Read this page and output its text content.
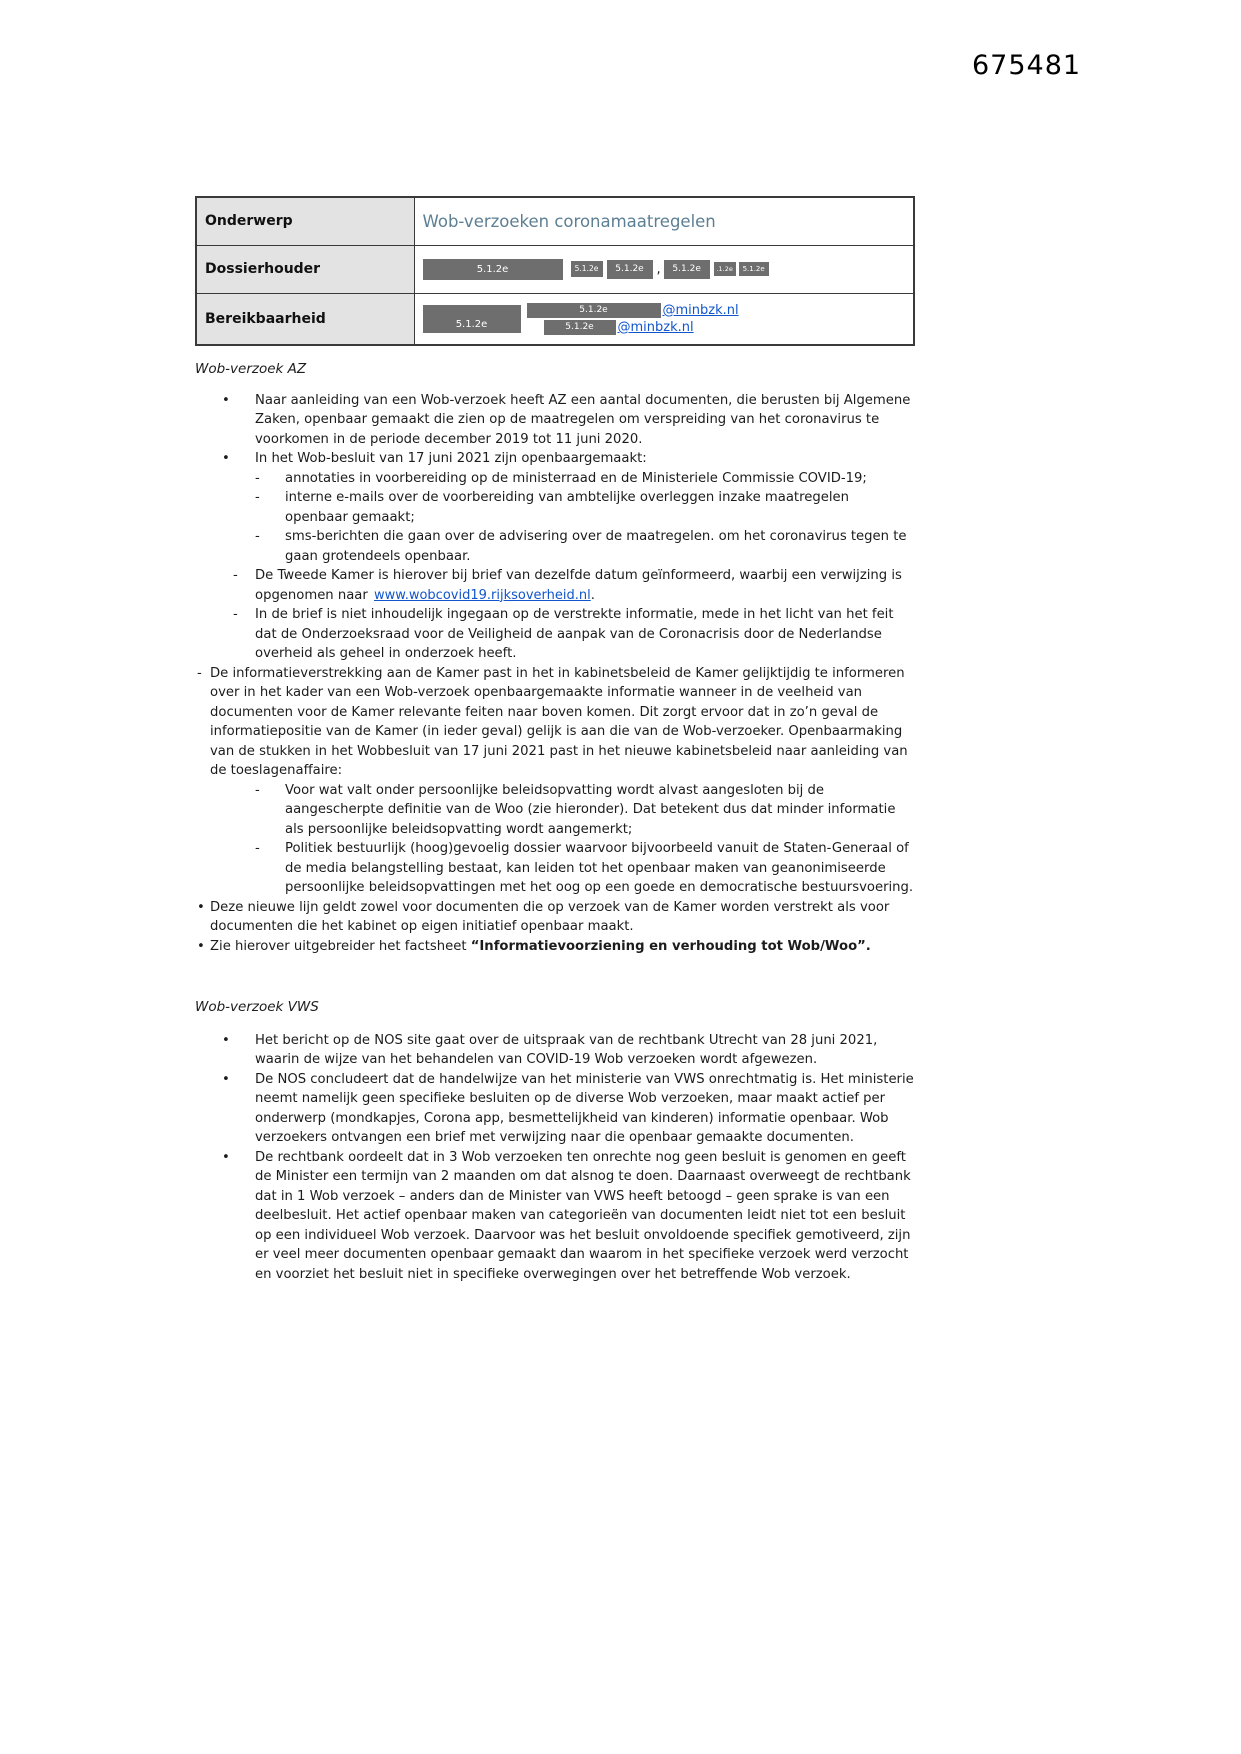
675481
Onderwerp	Wob-verzoeken coronamaatregelen
Dossierhouder	5.1.2e	5.1.2e	5.1.2e ,	5.1.2e	.1.2e	5.1.2e

Bereikbaarheid	5.1.2e
5.1.2e @minbzk.nl
5.1.2e @minbzk.nl
Wob-verzoek AZ
•	Naar aanleiding van een Wob-verzoek heeft AZ een aantal documenten, die berusten bij Algemene Zaken, openbaar gemaakt die zien op de maatregelen om verspreiding van het coronavirus te voorkomen in de periode december 2019 tot 11 juni 2020.
•	In het Wob-besluit van 17 juni 2021 zijn openbaargemaakt:
-	annotaties in voorbereiding op de ministerraad en de Ministeriele Commissie COVID-19;
-	interne e-mails over de voorbereiding van ambtelijke overleggen inzake maatregelen openbaar gemaakt;
-	sms-berichten die gaan over de advisering over de maatregelen. om het coronavirus tegen te gaan grotendeels openbaar.
-	De Tweede Kamer is hierover bij brief van dezelfde datum geïnformeerd, waarbij een verwijzing is opgenomen naar www.wobcovid19.rijksoverheid.nl.
-	In de brief is niet inhoudelijk ingegaan op de verstrekte informatie, mede in het licht van het feit dat de Onderzoeksraad voor de Veiligheid de aanpak van de Coronacrisis door de Nederlandse overheid als geheel in onderzoek heeft.
- De informatieverstrekking aan de Kamer past in het in kabinetsbeleid de Kamer gelijktijdig te informeren over in het kader van een Wob-verzoek openbaargemaakte informatie wanneer in de veelheid van documenten voor de Kamer relevante feiten naar boven komen. Dit zorgt ervoor dat in zo’n geval de informatiepositie van de Kamer (in ieder geval) gelijk is aan die van de Wob-verzoeker. Openbaarmaking van de stukken in het Wobbesluit van 17 juni 2021 past in het nieuwe kabinetsbeleid naar aanleiding van de toeslagenaffaire:
-	Voor wat valt onder persoonlijke beleidsopvatting wordt alvast aangesloten bij de aangescherpte definitie van de Woo (zie hieronder). Dat betekent dus dat minder informatie als persoonlijke beleidsopvatting wordt aangemerkt;
-	Politiek bestuurlijk (hoog)gevoelig dossier waarvoor bijvoorbeeld vanuit de Staten-Generaal of de media belangstelling bestaat, kan leiden tot het openbaar maken van geanonimiseerde persoonlijke beleidsopvattingen met het oog op een goede en democratische bestuursvoering.
• Deze nieuwe lijn geldt zowel voor documenten die op verzoek van de Kamer worden verstrekt als voor documenten die het kabinet op eigen initiatief openbaar maakt.
• Zie hierover uitgebreider het factsheet “Informatievoorziening en verhouding tot Wob/Woo”.
Wob-verzoek VWS
•	Het bericht op de NOS site gaat over de uitspraak van de rechtbank Utrecht van 28 juni 2021, waarin de wijze van het behandelen van COVID-19 Wob verzoeken wordt afgewezen.
•	De NOS concludeert dat de handelwijze van het ministerie van VWS onrechtmatig is. Het ministerie neemt namelijk geen specifieke besluiten op de diverse Wob verzoeken, maar maakt actief per onderwerp (mondkapjes, Corona app, besmettelijkheid van kinderen) informatie openbaar. Wob verzoekers ontvangen een brief met verwijzing naar die openbaar gemaakte documenten.
•	De rechtbank oordeelt dat in 3 Wob verzoeken ten onrechte nog geen besluit is genomen en geeft de Minister een termijn van 2 maanden om dat alsnog te doen. Daarnaast overweegt de rechtbank dat in 1 Wob verzoek – anders dan de Minister van VWS heeft betoogd – geen sprake is van een deelbesluit. Het actief openbaar maken van categorieën van documenten leidt niet tot een besluit op een individueel Wob verzoek. Daarvoor was het besluit onvoldoende specifiek gemotiveerd, zijn er veel meer documenten openbaar gemaakt dan waarom in het specifieke verzoek werd verzocht en voorziet het besluit niet in specifieke overwegingen over het betreffende Wob verzoek.
